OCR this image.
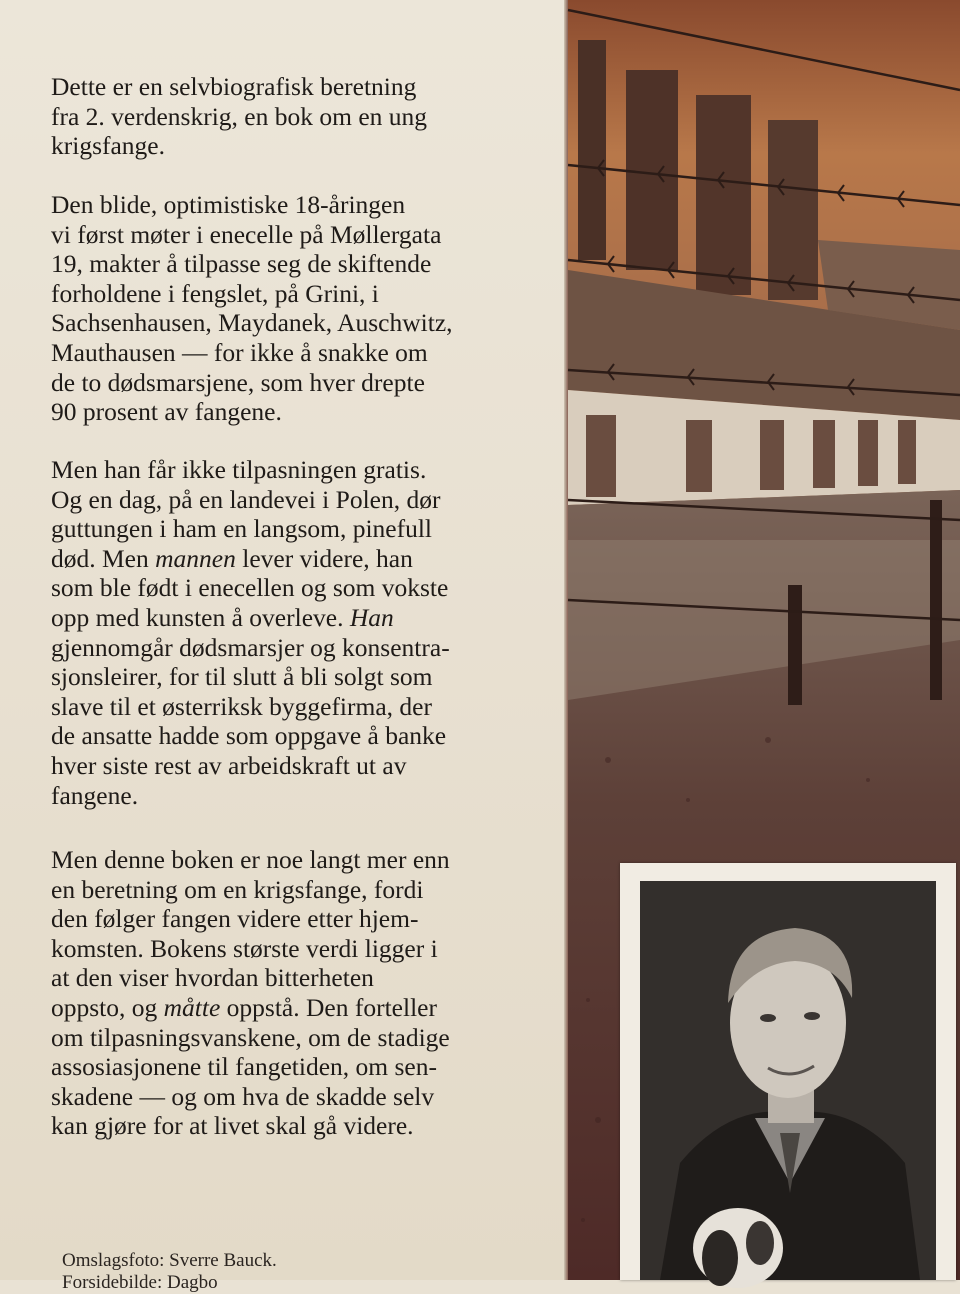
Dette er en selvbiografisk beretning
fra 2. verdenskrig, en bok om en ung
krigsfange.
Den blide, optimistiske 18-åringen
vi først møter i enecelle på Møllergata
19, makter å tilpasse seg de skiftende
forholdene i fengslet, på Grini, i
Sachsenhausen, Maydanek, Auschwitz,
Mauthausen — for ikke å snakke om
de to dødsmarsjene, som hver drepte
90 prosent av fangene.
Men han får ikke tilpasningen gratis.
Og en dag, på en landevei i Polen, dør
guttungen i ham en langsom, pinefull
død. Men mannen lever videre, han
som ble født i enecellen og som vokste
opp med kunsten å overleve. Han
gjennomgår dødsmarsjer og konsentra-
sjonsleirer, for til slutt å bli solgt som
slave til et østerriksk byggefirma, der
de ansatte hadde som oppgave å banke
hver siste rest av arbeidskraft ut av
fangene.
Men denne boken er noe langt mer enn
en beretning om en krigsfange, fordi
den følger fangen videre etter hjem-
komsten. Bokens største verdi ligger i
at den viser hvordan bitterheten
oppsto, og måtte oppstå. Den forteller
om tilpasningsvanskene, om de stadige
assosiasjonene til fangetiden, om sen-
skadene — og om hva de skadde selv
kan gjøre for at livet skal gå videre.
Omslagsfoto: Sverre Bauck.
Forsidebilde: Dagbo
